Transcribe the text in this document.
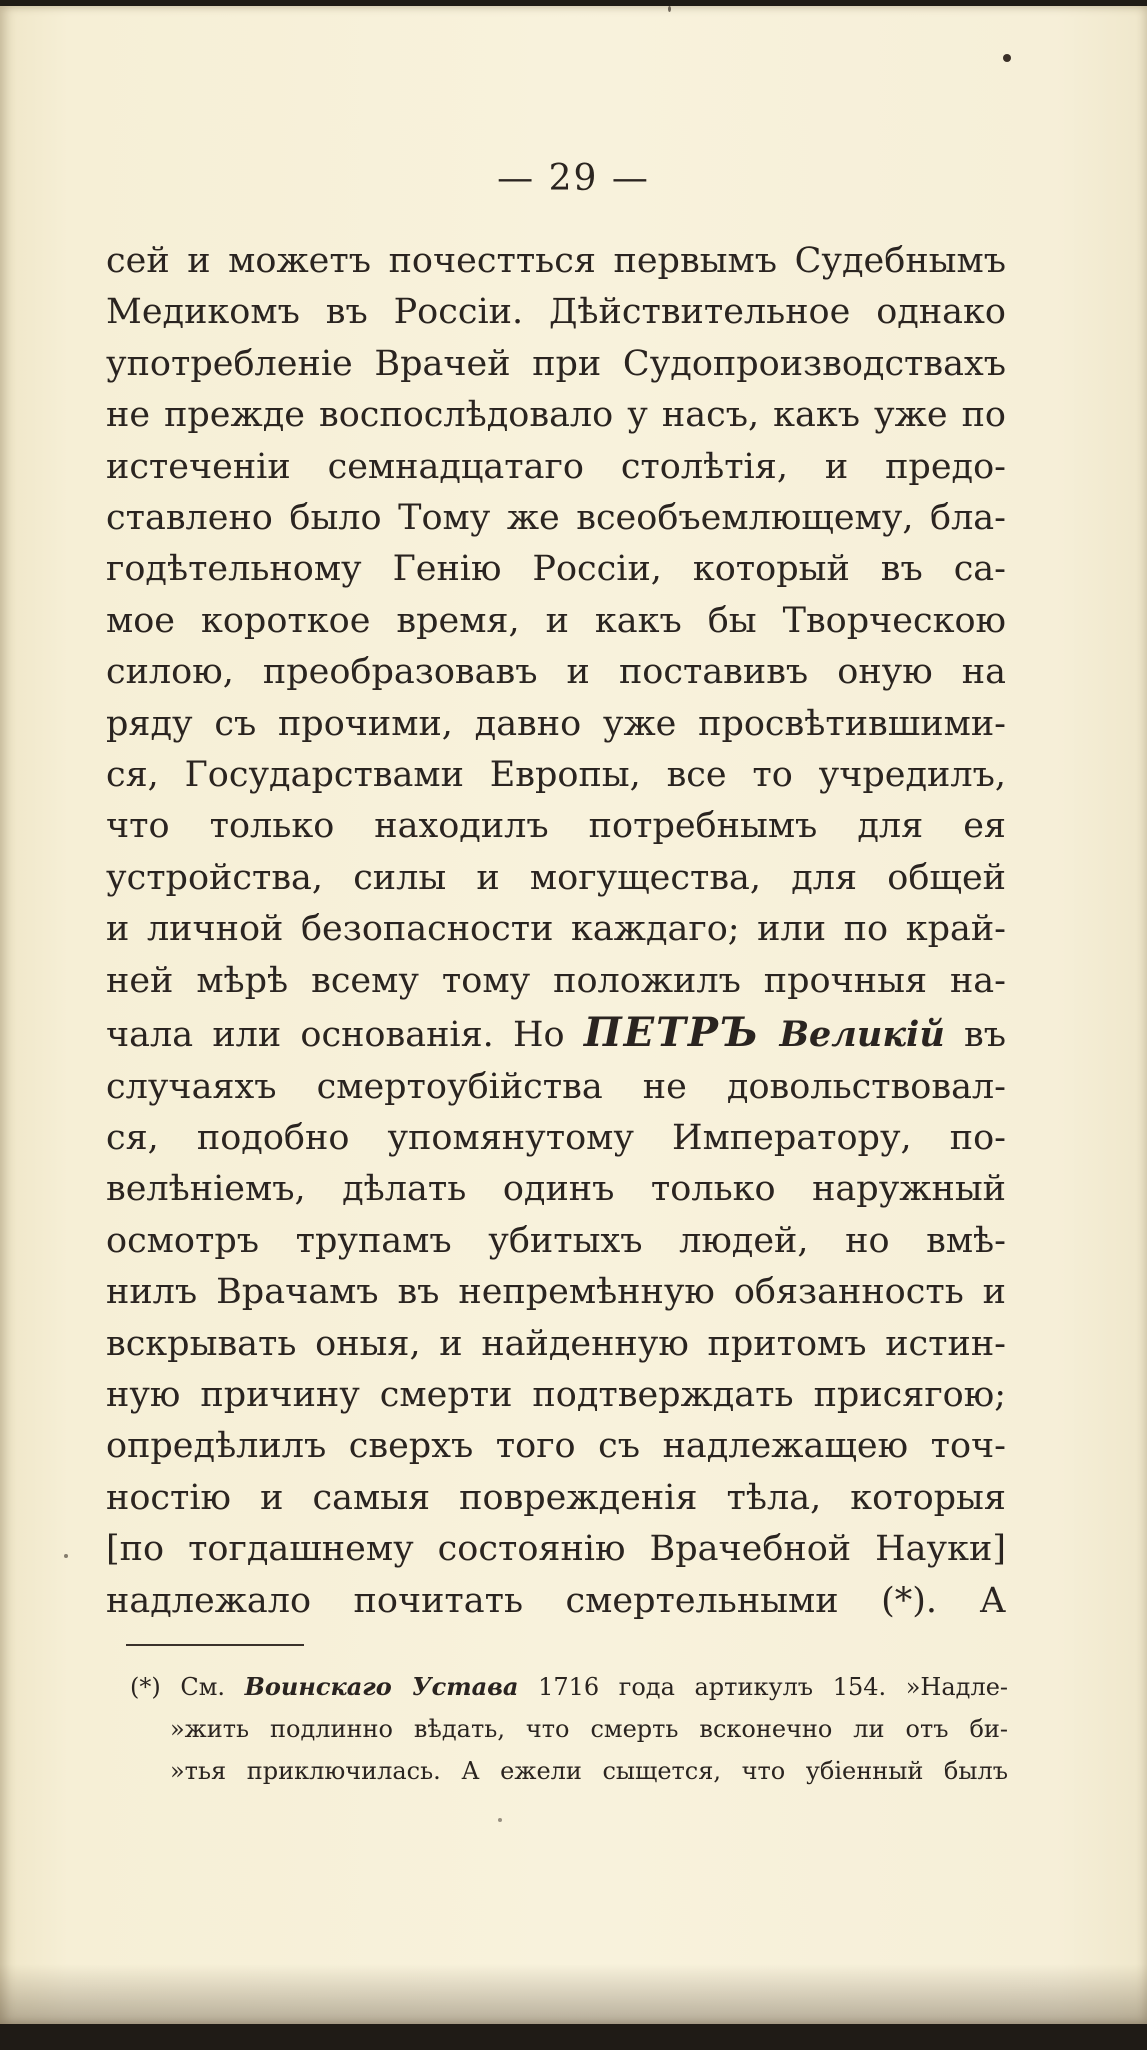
— 29 —
сей и можетъ почестться первымъ Судебнымъ
Медикомъ въ Россіи. Дѣйствительное однако
употребленіе Врачей при Судопроизводствахъ
не прежде воспослѣдовало у насъ, какъ уже по
истеченіи семнадцатаго столѣтія, и предо-
ставлено было Тому же всеобъемлющему, бла-
годѣтельному Генію Россіи, который въ са-
мое короткое время, и какъ бы Творческою
силою, преобразовавъ и поставивъ оную на
ряду съ прочими, давно уже просвѣтившими-
ся, Государствами Европы, все то учредилъ,
что только находилъ потребнымъ для ея
устройства, силы и могущества, для общей
и личной безопасности каждаго; или по край-
ней мѣрѣ всему тому положилъ прочныя на-
чала или основанія. Но ПЕТРЪ Великій въ
случаяхъ смертоубійства не довольствовал-
ся, подобно упомянутому Императору, по-
велѣніемъ, дѣлать одинъ только наружный
осмотръ трупамъ убитыхъ людей, но вмѣ-
нилъ Врачамъ въ непремѣнную обязанность и
вскрывать оныя, и найденную притомъ истин-
ную причину смерти подтверждать присягою;
опредѣлилъ сверхъ того съ надлежащею точ-
ностію и самыя поврежденія тѣла, которыя
[по тогдашнему состоянію Врачебной Науки]
надлежало почитать смертельными (*). А
(*) См. Воинскаго Устава 1716 года артикулъ 154. »Надле-
»жить подлинно вѣдать, что смерть всконечно ли отъ би-
»тья приключилась. А ежели сыщется, что убіенный былъ
